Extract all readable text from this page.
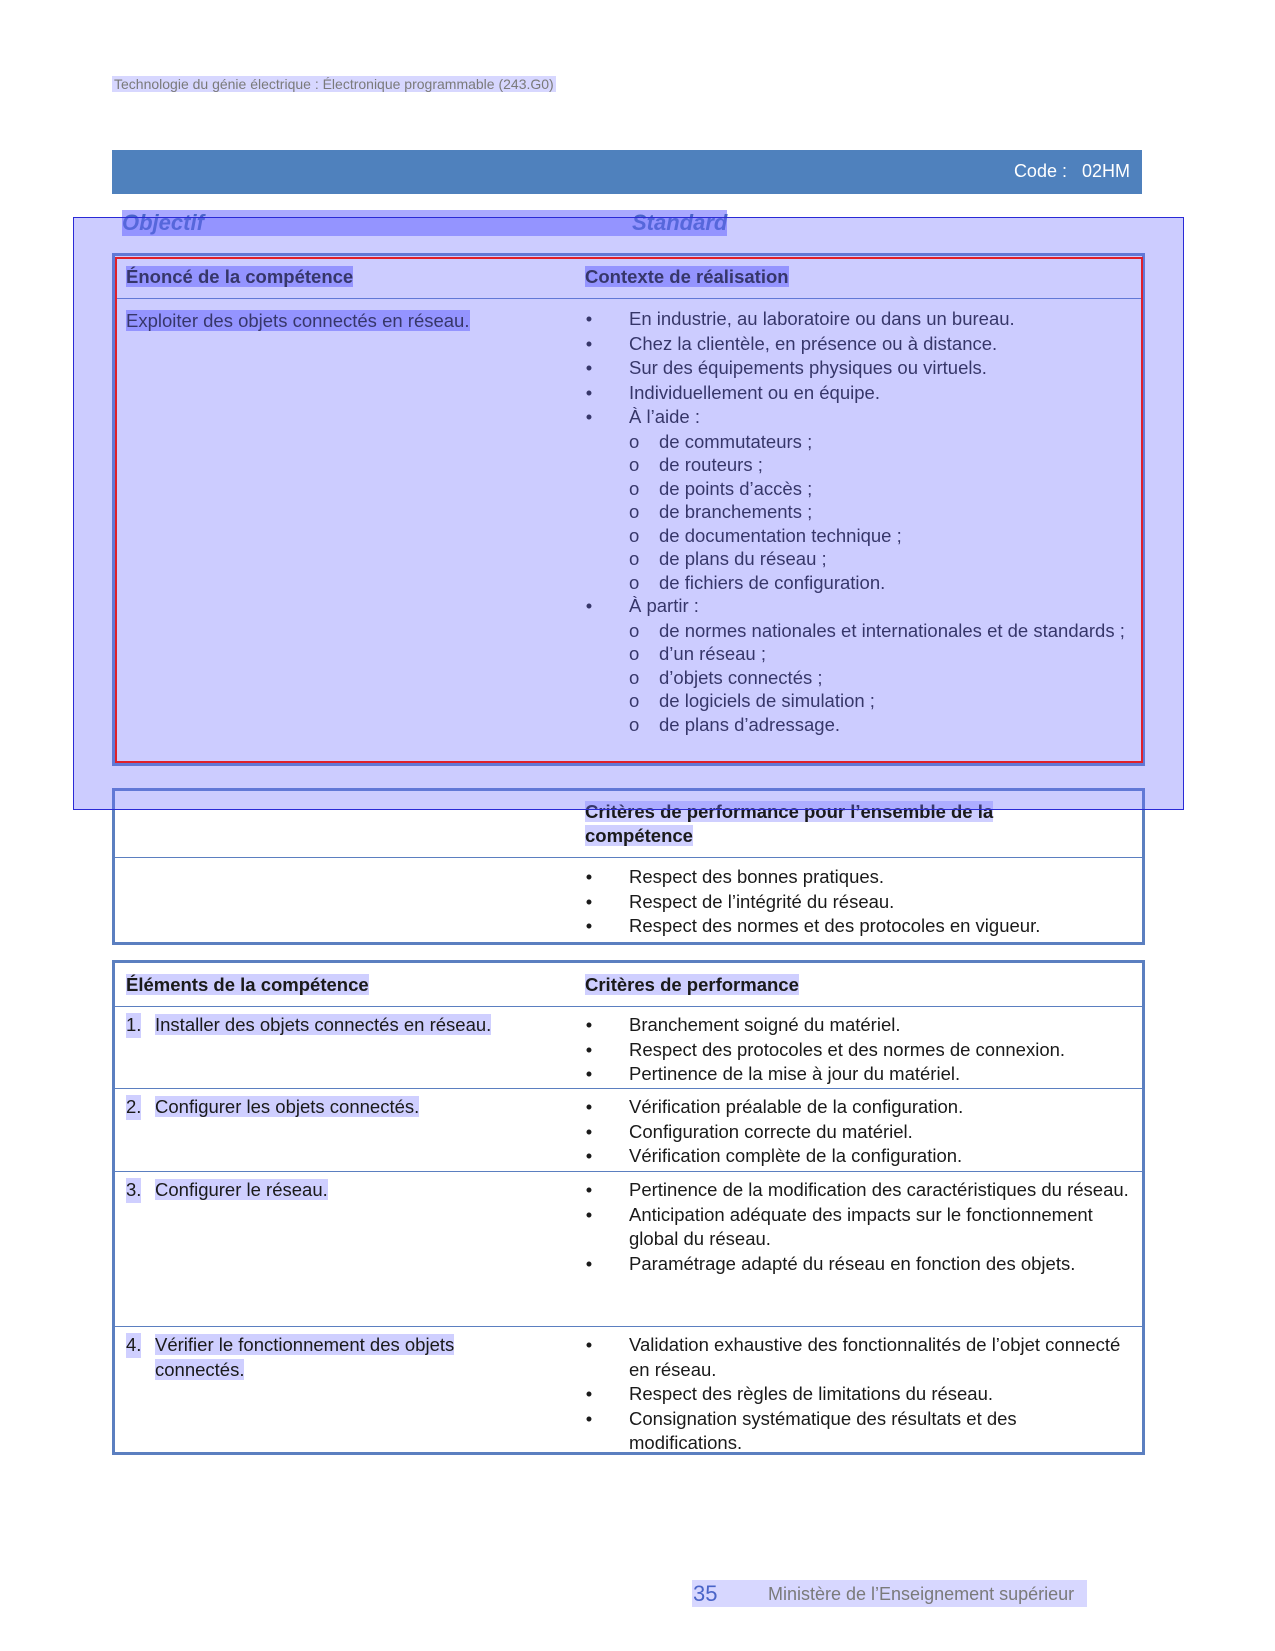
Technologie du génie électrique : Électronique programmable (243.G0)
Code :   02HM
Objectif	Standard
Énoncé de la compétence	Contexte de réalisation
Exploiter des objets connectés en réseau.	• En industrie, au laboratoire ou dans un bureau.
• Chez la clientèle, en présence ou à distance.
• Sur des équipements physiques ou virtuels.
• Individuellement ou en équipe.
• À l’aide :
o de commutateurs ;
o de routeurs ;
o de points d’accès ;
o de branchements ;
o de documentation technique ;
o de plans du réseau ;
o de fichiers de configuration.
• À partir :
o de normes nationales et internationales et de standards ;
o d’un réseau ;
o d’objets connectés ;
o de logiciels de simulation ;
o de plans d’adressage.
Critères de performance pour l’ensemble de la compétence
• Respect des bonnes pratiques.
• Respect de l’intégrité du réseau.
• Respect des normes et des protocoles en vigueur.
Éléments de la compétence	Critères de performance
1. Installer des objets connectés en réseau.	• Branchement soigné du matériel.
• Respect des protocoles et des normes de connexion.
• Pertinence de la mise à jour du matériel.
2. Configurer les objets connectés.	• Vérification préalable de la configuration.
• Configuration correcte du matériel.
• Vérification complète de la configuration.
3. Configurer le réseau.	• Pertinence de la modification des caractéristiques du réseau.
• Anticipation adéquate des impacts sur le fonctionnement global du réseau.
• Paramétrage adapté du réseau en fonction des objets.
4. Vérifier le fonctionnement des objets connectés.
• Validation exhaustive des fonctionnalités de l’objet connecté en réseau.
• Respect des règles de limitations du réseau.
• Consignation systématique des résultats et des modifications.
35	Ministère de l’Enseignement supérieur
